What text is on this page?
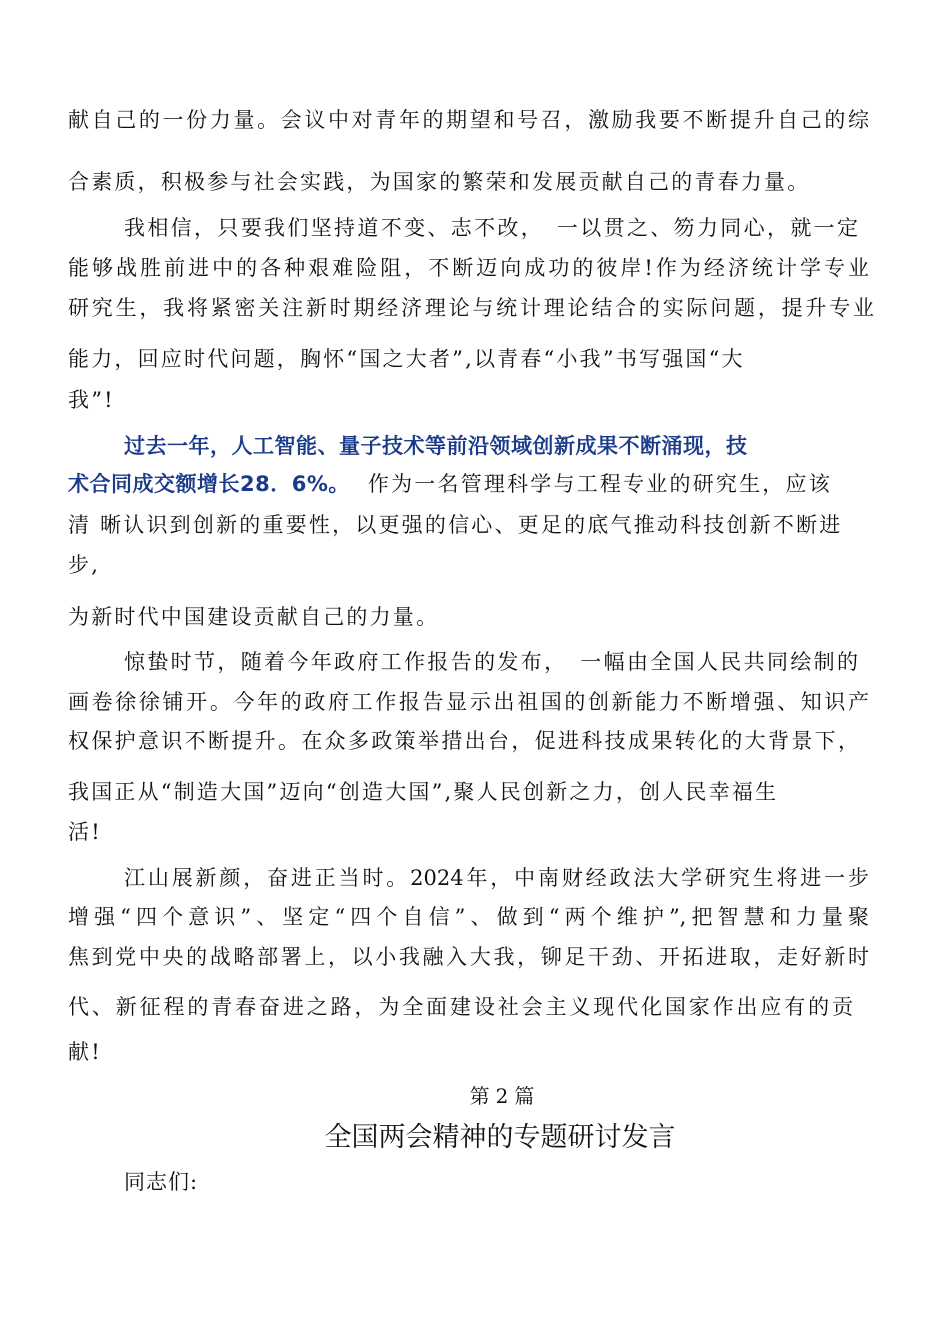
献自己的一份力量。会议中对青年的期望和号召，激励我要不断提升自己的综
合素质，积极参与社会实践，为国家的繁荣和发展贡献自己的青春力量。
我相信，只要我们坚持道不变、志不改，　一以贯之、笏力同心，就一定
能够战胜前进中的各种艰难险阻，不断迈向成功的彼岸!作为经济统计学专业
研究生，我将紧密关注新时期经济理论与统计理论结合的实际问题，提升专业
能力，回应时代问题，胸怀“国之大者”,以青春“小我”书写强国“大
我”!
过去一年，人工智能、量子技术等前沿领域创新成果不断涌现，技
术合同成交额增长28．6%。 作为一名管理科学与工程专业的研究生，应该
清 晰认识到创新的重要性，以更强的信心、更足的底气推动科技创新不断进
步,
为新时代中国建设贡献自己的力量。
惊蛰时节，随着今年政府工作报告的发布，　一幅由全国人民共同绘制的
画卷徐徐铺开。今年的政府工作报告显示出祖国的创新能力不断增强、知识产
权保护意识不断提升。在众多政策举措出台，促进科技成果转化的大背景下，
我国正从“制造大国”迈向“创造大国”,聚人民创新之力，创人民幸福生
活!
江山展新颜，奋进正当时。2024年，中南财经政法大学研究生将进一步
增强“四个意识”、坚定“四个自信”、做到“两个维护”,把智慧和力量聚
焦到党中央的战略部署上，以小我融入大我，铆足干劲、开拓进取，走好新时
代、新征程的青春奋进之路，为全面建设社会主义现代化国家作出应有的贡
献!
第2篇
全国两会精神的专题研讨发言
同志们:
